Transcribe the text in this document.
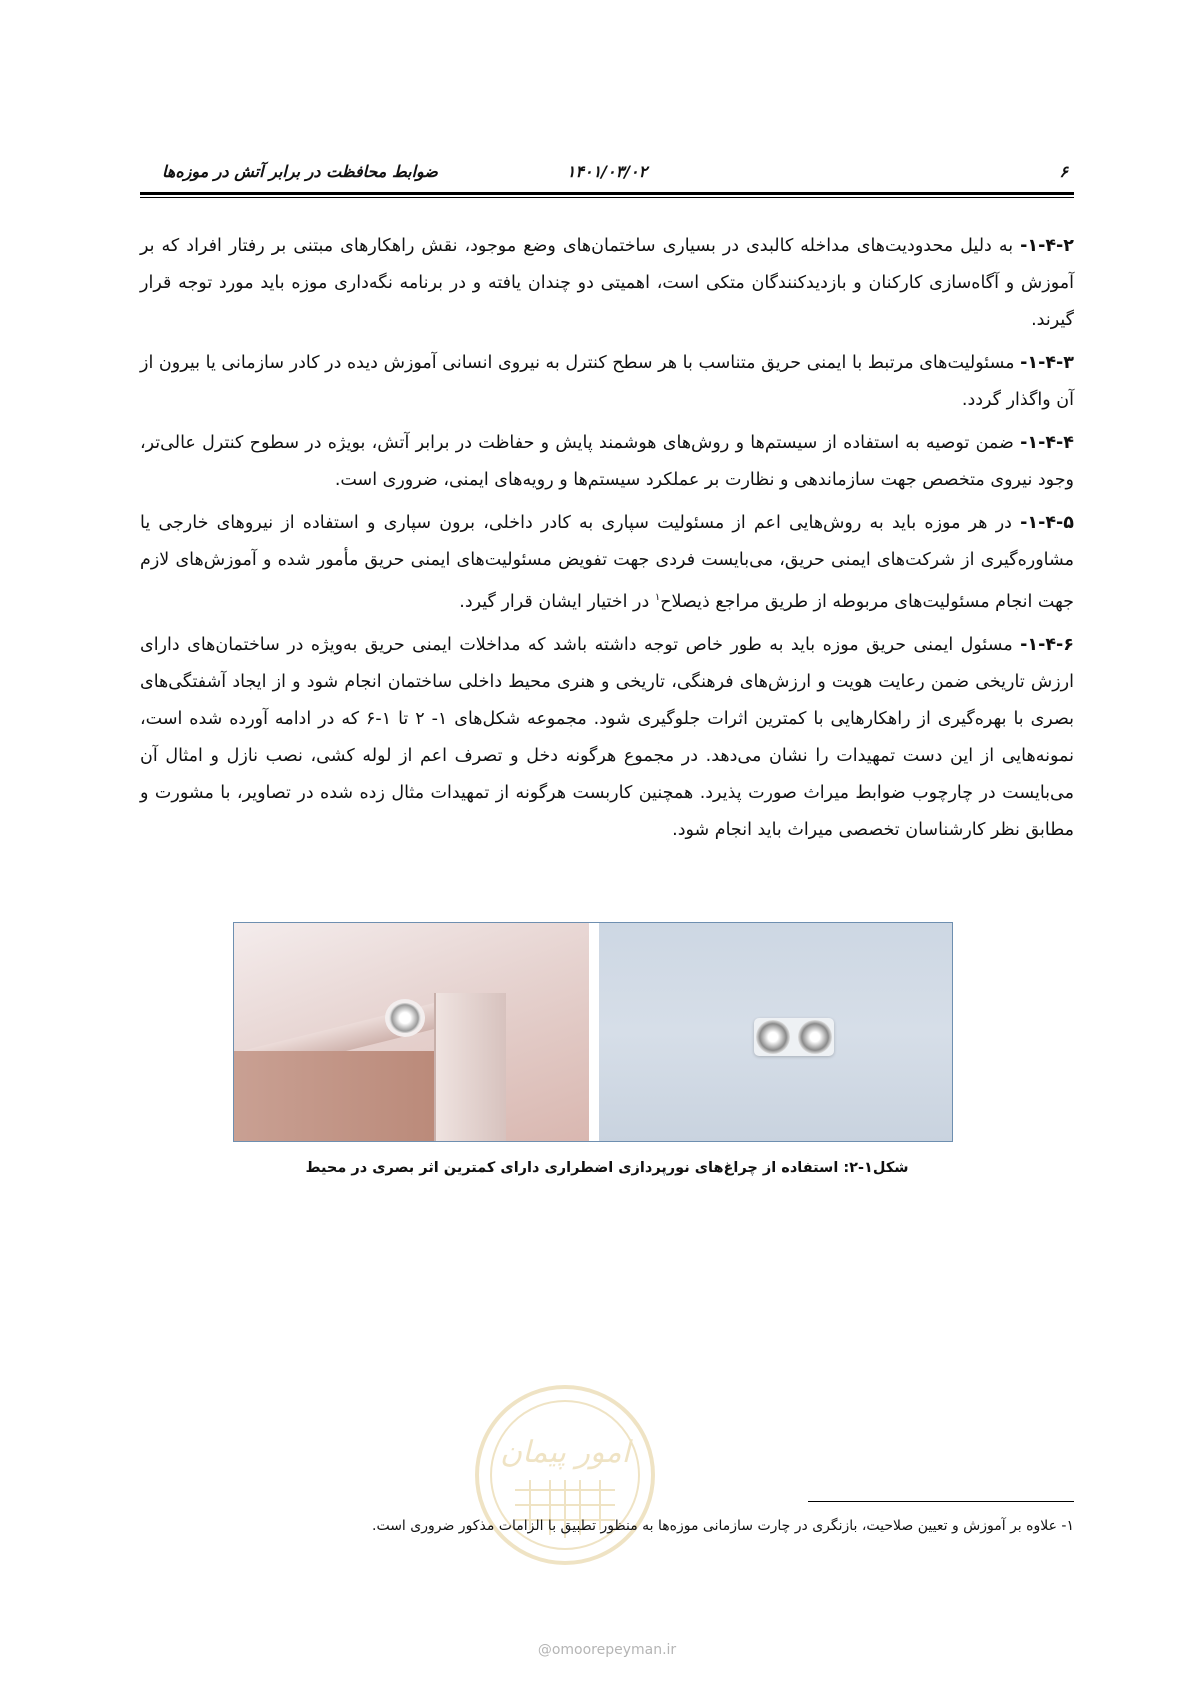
۶
۱۴۰۱/۰۳/۰۲
ضوابط محافظت در برابر آتش در موزه‌ها

۱-۴-۲- به دلیل محدودیت‌های مداخله کالبدی در بسیاری ساختمان‌های وضع موجود، نقش راهکارهای مبتنی بر رفتار افراد که بر آموزش و آگاه‌سازی کارکنان و بازدیدکنندگان متکی است، اهمیتی دو چندان یافته و در برنامه نگه‌داری موزه باید مورد توجه قرار گیرند.

۱-۴-۳- مسئولیت‌های مرتبط با ایمنی حریق متناسب با هر سطح کنترل به نیروی انسانی آموزش دیده در کادر سازمانی یا بیرون از آن واگذار گردد.

۱-۴-۴- ضمن توصیه به استفاده از سیستم‌ها و روش‌های هوشمند پایش و حفاظت در برابر آتش، بویژه در سطوح کنترل عالی‌تر، وجود نیروی متخصص جهت سازماندهی و نظارت بر عملکرد سیستم‌ها و رویه‌های ایمنی، ضروری است.

۱-۴-۵- در هر موزه باید به روش‌هایی اعم از مسئولیت سپاری به کادر داخلی، برون سپاری و استفاده از نیروهای خارجی یا مشاوره‌گیری از شرکت‌های ایمنی حریق، می‌بایست فردی جهت تفویض مسئولیت‌های ایمنی حریق مأمور شده و آموزش‌های لازم جهت انجام مسئولیت‌های مربوطه از طریق مراجع ذیصلاح$^۱$ در اختیار ایشان قرار گیرد.

۱-۴-۶- مسئول ایمنی حریق موزه باید به طور خاص توجه داشته باشد که مداخلات ایمنی حریق به‌ویژه در ساختمان‌های دارای ارزش تاریخی ضمن رعایت هویت و ارزش‌های فرهنگی، تاریخی و هنری محیط داخلی ساختمان انجام شود و از ایجاد آشفتگی‌های بصری با بهره‌گیری از راهکارهایی با کمترین اثرات جلوگیری شود. مجموعه شکل‌های ۱- ۲ تا ۱-۶ که در ادامه آورده شده است، نمونه‌هایی از این دست تمهیدات را نشان می‌دهد. در مجموع هرگونه دخل و تصرف اعم از لوله کشی، نصب نازل و امثال آن می‌بایست در چارچوب ضوابط میراث صورت پذیرد. همچنین کاربست هرگونه از تمهیدات مثال زده شده در تصاویر، با مشورت و مطابق نظر کارشناسان تخصصی میراث باید انجام شود.

شکل۱-۲: استفاده از چراغ‌های نورپردازی اضطراری دارای کمترین اثر بصری در محیط
امور پیمان
۱- علاوه بر آموزش و تعیین صلاحیت، بازنگری در چارت سازمانی موزه‌ها به منظور تطبیق با الزامات مذکور ضروری است.
@omoorepeyman.ir
